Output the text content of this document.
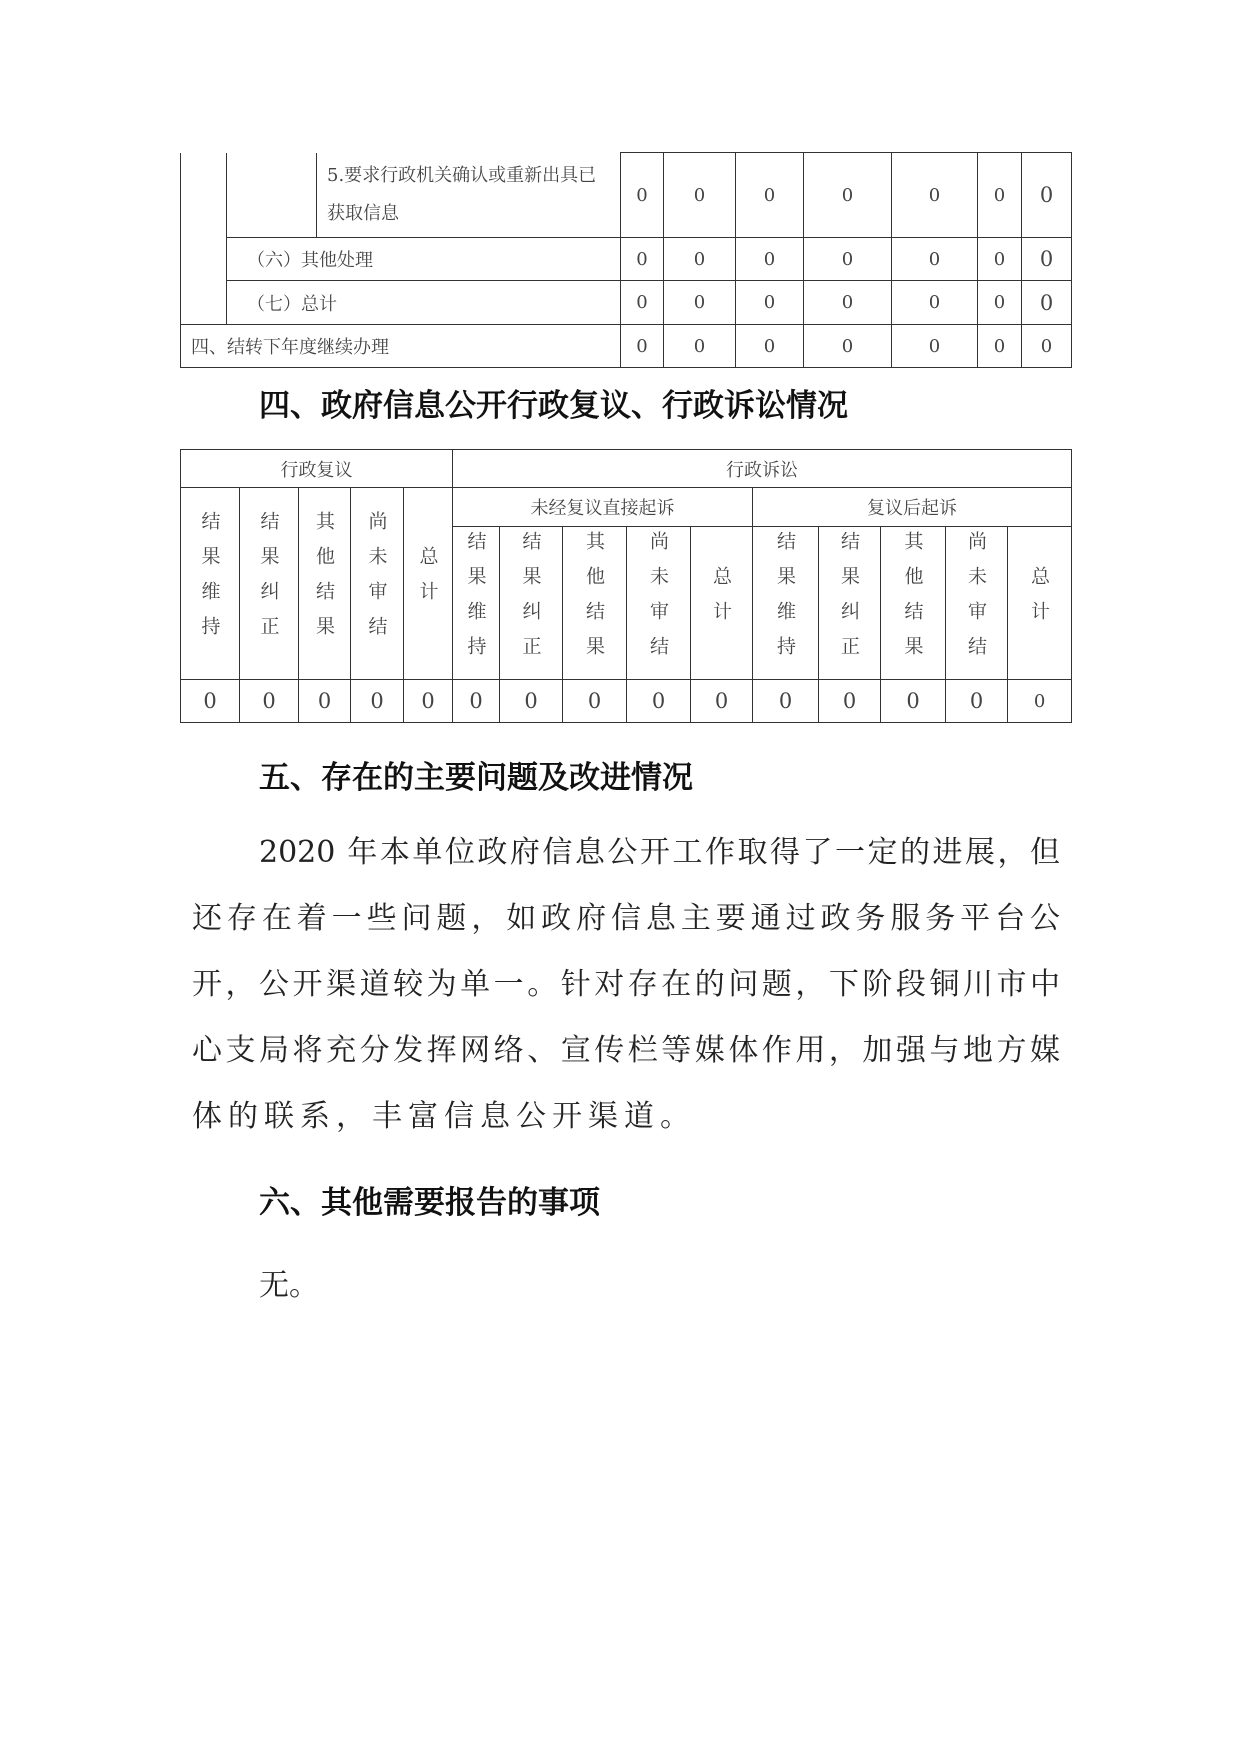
		5.要求行政机关确认或重新出具已获取信息	0	0	0	0	0	0	0
	（六）其他处理		0	0	0	0	0	0	0
	（七）总计		0	0	0	0	0	0	0
四、结转下年度继续办理			0	0	0	0	0	0	0
四、政府信息公开行政复议、行政诉讼情况
行政复议					行政诉讼									
结果维持	结果纠正	其他结果	尚未审结	总计	未经复议直接起诉					复议后起诉				
					结果维持	结果纠正	其他结果	尚未审结	总计	结果维持	结果纠正	其他结果	尚未审结	总计
0	0	0	0	0	0	0	0	0	0	0	0	0	0	0
五、存在的主要问题及改进情况
2020 年本单位政府信息公开工作取得了一定的进展，但
还存在着一些问题，如政府信息主要通过政务服务平台公
开，公开渠道较为单一。针对存在的问题，下阶段铜川市中
心支局将充分发挥网络、宣传栏等媒体作用，加强与地方媒
体的联系，丰富信息公开渠道。
六、其他需要报告的事项
无。
